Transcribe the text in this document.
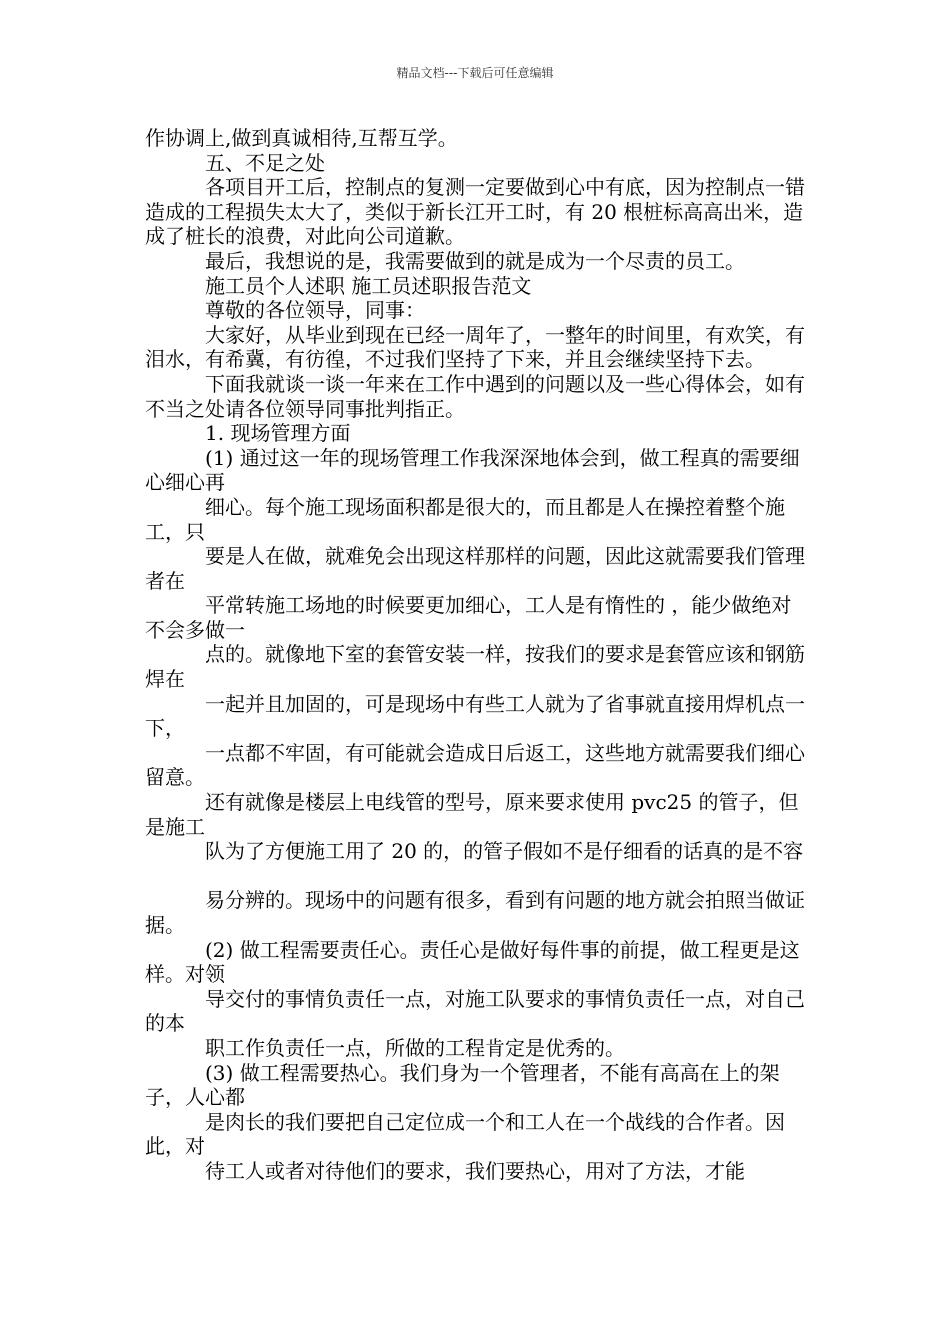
精品文档---下载后可任意编辑

作协调上,做到真诚相待,互帮互学。

五、不足之处

各项目开工后，控制点的复测一定要做到心中有底，因为控制点一错造成的工程损失太大了，类似于新长江开工时，有 20 根桩标高高出米，造成了桩长的浪费，对此向公司道歉。

最后，我想说的是，我需要做到的就是成为一个尽责的员工。

施工员个人述职 施工员述职报告范文

尊敬的各位领导，同事：

大家好，从毕业到现在已经一周年了，一整年的时间里，有欢笑，有泪水，有希冀，有彷徨，不过我们坚持了下来，并且会继续坚持下去。

下面我就谈一谈一年来在工作中遇到的问题以及一些心得体会，如有不当之处请各位领导同事批判指正。

1. 现场管理方面

(1) 通过这一年的现场管理工作我深深地体会到，做工程真的需要细心细心再

细心。每个施工现场面积都是很大的，而且都是人在操控着整个施工，只

要是人在做，就难免会出现这样那样的问题，因此这就需要我们管理者在

平常转施工场地的时候要更加细心，工人是有惰性的 ，能少做绝对不会多做一

点的。就像地下室的套管安装一样，按我们的要求是套管应该和钢筋焊在

一起并且加固的，可是现场中有些工人就为了省事就直接用焊机点一下，

一点都不牢固，有可能就会造成日后返工，这些地方就需要我们细心留意。

还有就像是楼层上电线管的型号，原来要求使用 pvc25 的管子，但是施工

队为了方便施工用了 20 的，的管子假如不是仔细看的话真的是不容

易分辨的。现场中的问题有很多，看到有问题的地方就会拍照当做证据。

(2) 做工程需要责任心。责任心是做好每件事的前提，做工程更是这样。对领

导交付的事情负责任一点，对施工队要求的事情负责任一点，对自己的本

职工作负责任一点，所做的工程肯定是优秀的。

(3) 做工程需要热心。我们身为一个管理者，不能有高高在上的架子，人心都

是肉长的我们要把自己定位成一个和工人在一个战线的合作者。因此，对

待工人或者对待他们的要求，我们要热心，用对了方法，才能
